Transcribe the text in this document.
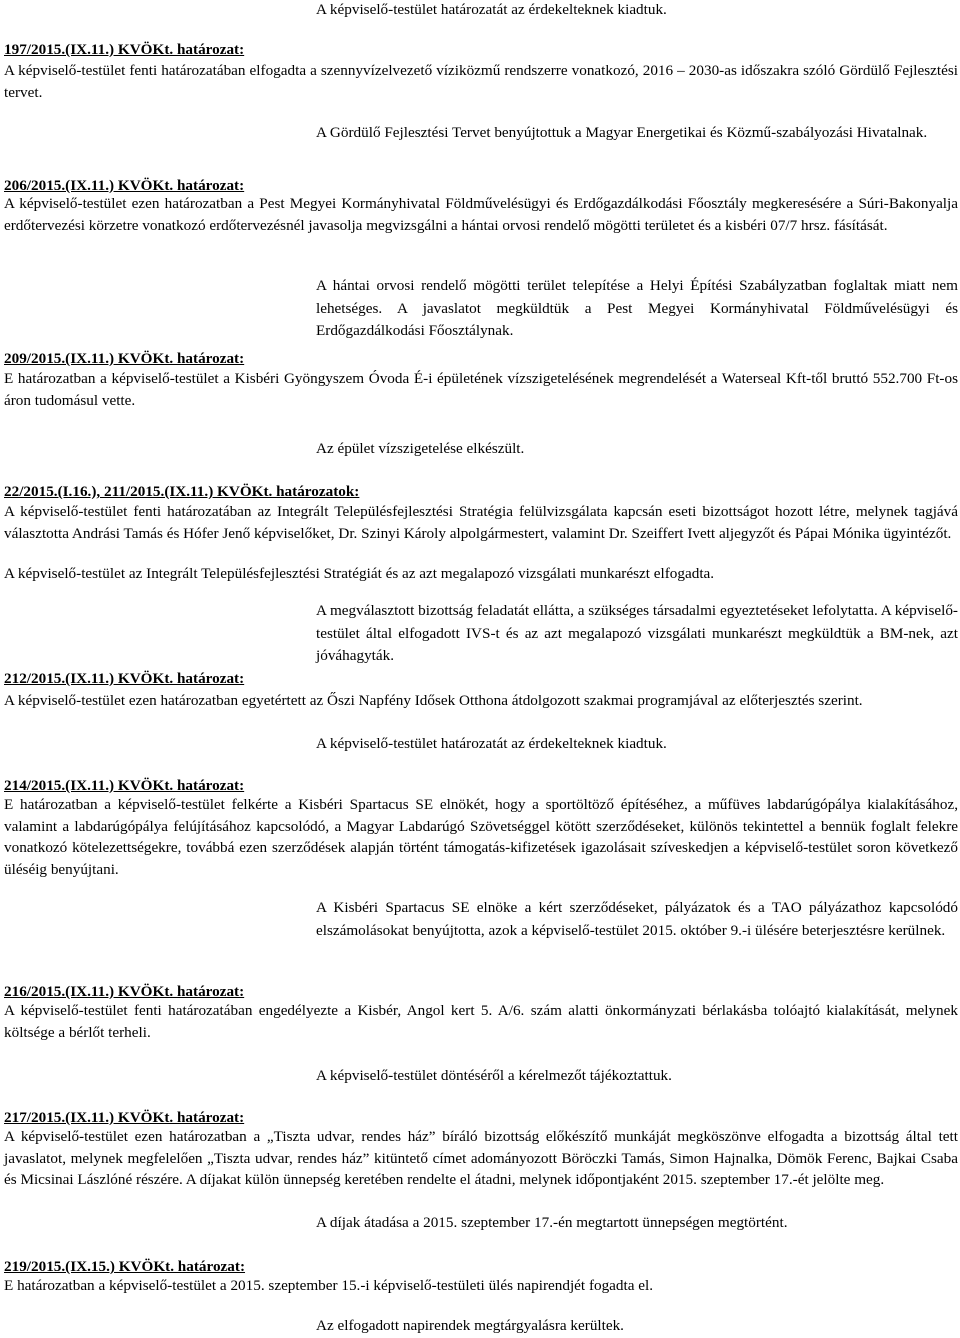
A képviselő-testület határozatát az érdekelteknek kiadtuk.
197/2015.(IX.11.) KVÖKt. határozat:
A képviselő-testület fenti határozatában elfogadta a szennyvízelvezető víziközmű rendszerre vonatkozó, 2016 – 2030-as időszakra szóló Gördülő Fejlesztési tervet.
A Gördülő Fejlesztési Tervet benyújtottuk a Magyar Energetikai és Közmű-szabályozási Hivatalnak.
206/2015.(IX.11.) KVÖKt. határozat:
A képviselő-testület ezen határozatban a Pest Megyei Kormányhivatal Földművelésügyi és Erdőgazdálkodási Főosztály megkeresésére a Súri-Bakonyalja erdőtervezési körzetre vonatkozó erdőtervezésnél javasolja megvizsgálni a hántai orvosi rendelő mögötti területet és a kisbéri 07/7 hrsz. fásítását.
A hántai orvosi rendelő mögötti terület telepítése a Helyi Építési Szabályzatban foglaltak miatt nem lehetséges. A javaslatot megküldtük a Pest Megyei Kormányhivatal Földművelésügyi és Erdőgazdálkodási Főosztálynak.
209/2015.(IX.11.) KVÖKt. határozat:
E határozatban a képviselő-testület a Kisbéri Gyöngyszem Óvoda É-i épületének vízszigetelésének megrendelését a Waterseal Kft-től bruttó 552.700 Ft-os áron tudomásul vette.
Az épület vízszigetelése elkészült.
22/2015.(I.16.), 211/2015.(IX.11.) KVÖKt. határozatok:
A képviselő-testület fenti határozatában az Integrált Településfejlesztési Stratégia felülvizsgálata kapcsán eseti bizottságot hozott létre, melynek tagjává választotta Andrási Tamás és Hófer Jenő képviselőket, Dr. Szinyi Károly alpolgármestert, valamint Dr. Szeiffert Ivett aljegyzőt és Pápai Mónika ügyintézőt.
A képviselő-testület az Integrált Településfejlesztési Stratégiát és az azt megalapozó vizsgálati munkarészt elfogadta.
A megválasztott bizottság feladatát ellátta, a szükséges társadalmi egyeztetéseket lefolytatta. A képviselő-testület által elfogadott IVS-t és az azt megalapozó vizsgálati munkarészt megküldtük a BM-nek, azt jóváhagyták.
212/2015.(IX.11.) KVÖKt. határozat:
A képviselő-testület ezen határozatban egyetértett az Őszi Napfény Idősek Otthona átdolgozott szakmai programjával az előterjesztés szerint.
A képviselő-testület határozatát az érdekelteknek kiadtuk.
214/2015.(IX.11.) KVÖKt. határozat:
E határozatban a képviselő-testület felkérte a Kisbéri Spartacus SE elnökét, hogy a sportöltöző építéséhez, a műfüves labdarúgópálya kialakításához, valamint a labdarúgópálya felújításához kapcsolódó, a Magyar Labdarúgó Szövetséggel kötött szerződéseket, különös tekintettel a bennük foglalt felekre vonatkozó kötelezettségekre, továbbá ezen szerződések alapján történt támogatás-kifizetések igazolásait szíveskedjen a képviselő-testület soron következő üléséig benyújtani.
A Kisbéri Spartacus SE elnöke a kért szerződéseket, pályázatok és a TAO pályázathoz kapcsolódó elszámolásokat benyújtotta, azok a képviselő-testület 2015. október 9.-i ülésére beterjesztésre kerülnek.
216/2015.(IX.11.) KVÖKt. határozat:
A képviselő-testület fenti határozatában engedélyezte a Kisbér, Angol kert 5. A/6. szám alatti önkormányzati bérlakásba tolóajtó kialakítását, melynek költsége a bérlőt terheli.
A képviselő-testület döntéséről a kérelmezőt tájékoztattuk.
217/2015.(IX.11.) KVÖKt. határozat:
A képviselő-testület ezen határozatban a „Tiszta udvar, rendes ház” bíráló bizottság előkészítő munkáját megköszönve elfogadta a bizottság által tett javaslatot, melynek megfelelően „Tiszta udvar, rendes ház” kitüntető címet adományozott Böröczki Tamás, Simon Hajnalka, Dömök Ferenc, Bajkai Csaba és Micsinai Lászlóné részére. A díjakat külön ünnepség keretében rendelte el átadni, melynek időpontjaként 2015. szeptember 17.-ét jelölte meg.
A díjak átadása a 2015. szeptember 17.-én megtartott ünnepségen megtörtént.
219/2015.(IX.15.) KVÖKt. határozat:
E határozatban a képviselő-testület a 2015. szeptember 15.-i képviselő-testületi ülés napirendjét fogadta el.
Az elfogadott napirendek megtárgyalásra kerültek.
